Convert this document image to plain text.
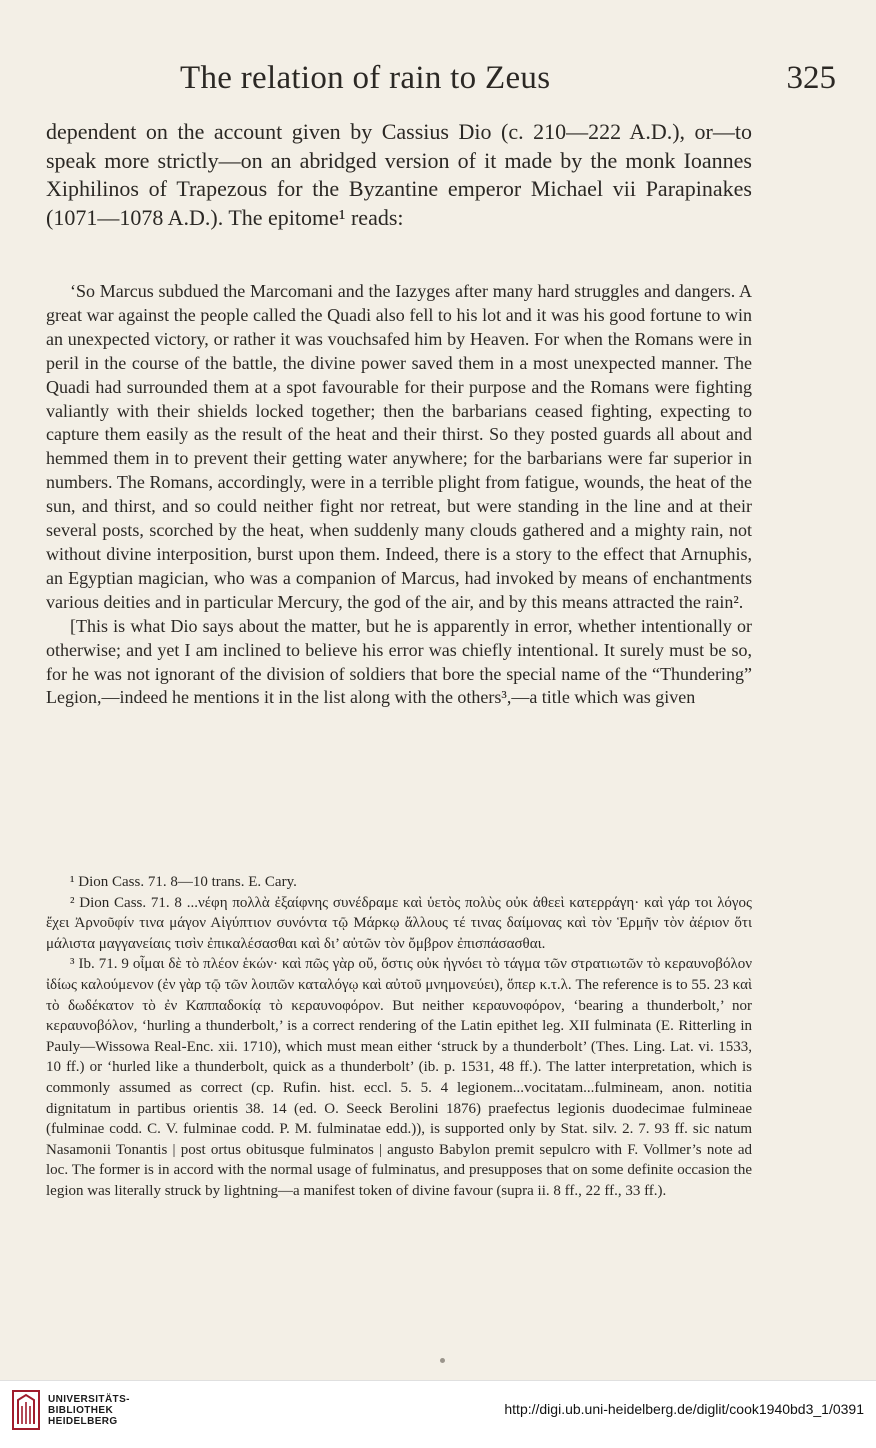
The relation of rain to Zeus	325

dependent on the account given by Cassius Dio (c. 210—222 A.D.), or—to speak more strictly—on an abridged version of it made by the monk Ioannes Xiphilinos of Trapezous for the Byzantine emperor Michael vii Parapinakes (1071—1078 A.D.). The epitome¹ reads:

‘So Marcus subdued the Marcomani and the Iazyges after many hard struggles and dangers. A great war against the people called the Quadi also fell to his lot and it was his good fortune to win an unexpected victory, or rather it was vouchsafed him by Heaven. For when the Romans were in peril in the course of the battle, the divine power saved them in a most unexpected manner. The Quadi had surrounded them at a spot favourable for their purpose and the Romans were fighting valiantly with their shields locked together; then the barbarians ceased fighting, expecting to capture them easily as the result of the heat and their thirst. So they posted guards all about and hemmed them in to prevent their getting water anywhere; for the barbarians were far superior in numbers. The Romans, accordingly, were in a terrible plight from fatigue, wounds, the heat of the sun, and thirst, and so could neither fight nor retreat, but were standing in the line and at their several posts, scorched by the heat, when suddenly many clouds gathered and a mighty rain, not without divine interposition, burst upon them. Indeed, there is a story to the effect that Arnuphis, an Egyptian magician, who was a companion of Marcus, had invoked by means of enchantments various deities and in particular Mercury, the god of the air, and by this means attracted the rain².

[This is what Dio says about the matter, but he is apparently in error, whether intentionally or otherwise; and yet I am inclined to believe his error was chiefly intentional. It surely must be so, for he was not ignorant of the division of soldiers that bore the special name of the “Thundering” Legion,—indeed he mentions it in the list along with the others³,—a title which was given

¹ Dion Cass. 71. 8—10 trans. E. Cary.

² Dion Cass. 71. 8 ...νέφη πολλὰ ἐξαίφνης συνέδραμε καὶ ὑετὸς πολὺς οὐκ ἀθεεὶ κατερράγη· καὶ γάρ τοι λόγος ἔχει Ἀρνοῦφίν τινα μάγον Αἰγύπτιον συνόντα τῷ Μάρκῳ ἄλλους τέ τινας δαίμονας καὶ τὸν Ἑρμῆν τὸν ἀέριον ὅτι μάλιστα μαγγανείαις τισὶν ἐπικαλέσασθαι καὶ δι’ αὐτῶν τὸν ὄμβρον ἐπισπάσασθαι.

³ Ib. 71. 9 οἶμαι δὲ τὸ πλέον ἑκών· καὶ πῶς γὰρ οὔ, ὅστις οὐκ ἠγνόει τὸ τάγμα τῶν στρατιωτῶν τὸ κεραυνοβόλον ἰδίως καλούμενον (ἐν γὰρ τῷ τῶν λοιπῶν καταλόγῳ καὶ αὐτοῦ μνημονεύει), ὅπερ κ.τ.λ. The reference is to 55. 23 καὶ τὸ δωδέκατον τὸ ἐν Καππαδοκίᾳ τὸ κεραυνοφόρον. But neither κεραυνοφόρον, ‘bearing a thunderbolt,’ nor κεραυνοβόλον, ‘hurling a thunderbolt,’ is a correct rendering of the Latin epithet leg. XII fulminata (E. Ritterling in Pauly—Wissowa Real-Enc. xii. 1710), which must mean either ‘struck by a thunderbolt’ (Thes. Ling. Lat. vi. 1533, 10 ff.) or ‘hurled like a thunderbolt, quick as a thunderbolt’ (ib. p. 1531, 48 ff.). The latter interpretation, which is commonly assumed as correct (cp. Rufin. hist. eccl. 5. 5. 4 legionem...vocitatam...fulmineam, anon. notitia dignitatum in partibus orientis 38. 14 (ed. O. Seeck Berolini 1876) praefectus legionis duodecimae fulmineae (fulminae codd. C. V. fulminae codd. P. M. fulminatae edd.)), is supported only by Stat. silv. 2. 7. 93 ff. sic natum Nasamonii Tonantis | post ortus obitusque fulminatos | angusto Babylon premit sepulcro with F. Vollmer’s note ad loc. The former is in accord with the normal usage of fulminatus, and presupposes that on some definite occasion the legion was literally struck by lightning—a manifest token of divine favour (supra ii. 8 ff., 22 ff., 33 ff.).

UNIVERSITÄTS-
BIBLIOTHEK
HEIDELBERG
http://digi.ub.uni-heidelberg.de/diglit/cook1940bd3_1/0391
